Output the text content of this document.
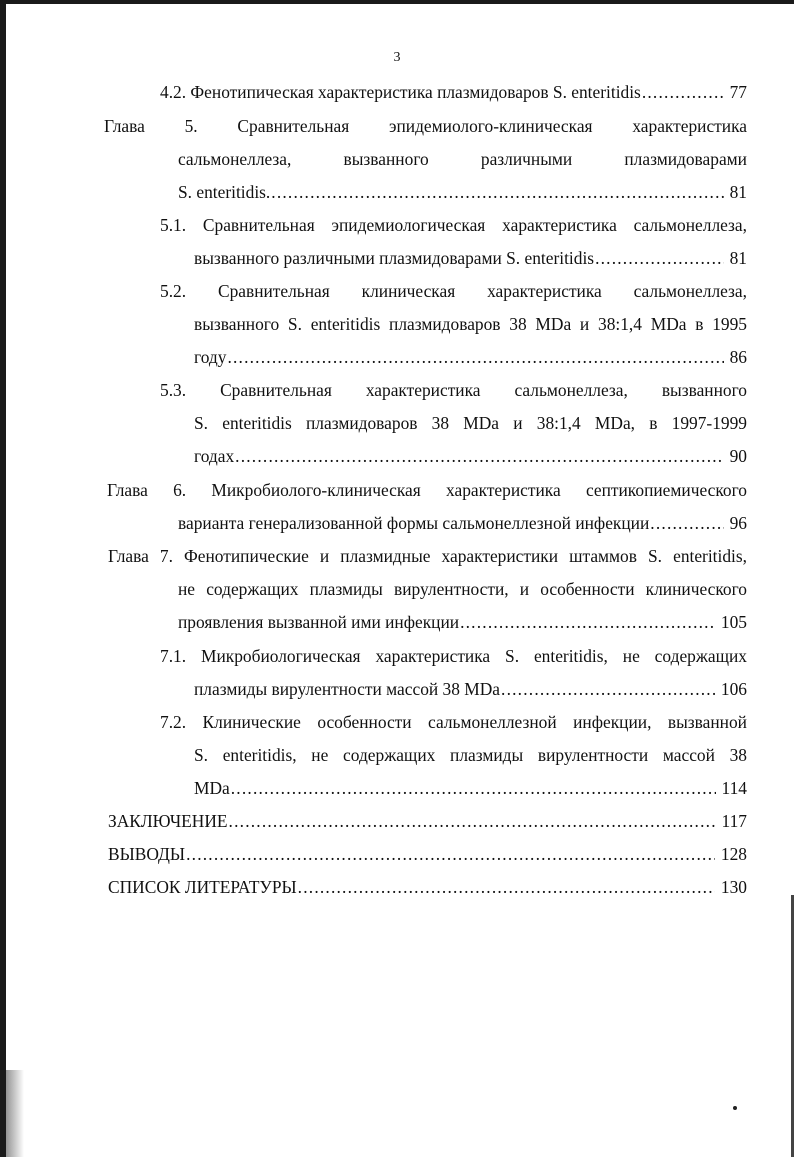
3
4.2. Фенотипическая характеристика плазмидоваров S. enteritidis .....	77
Глава 5. Сравнительная эпидемиолого-клиническая характеристика
сальмонеллеза, вызванного различными плазмидоварами
S. enteritidis. .....	81
5.1. Сравнительная эпидемиологическая характеристика сальмонеллеза,
вызванного различными плазмидоварами S. enteritidis .....	81
5.2. Сравнительная клиническая характеристика сальмонеллеза,
вызванного S. enteritidis плазмидоваров 38 MDa и 38:1,4 MDa в 1995
году .....	86
5.3. Сравнительная характеристика сальмонеллеза, вызванного
S. enteritidis плазмидоваров 38 MDa и 38:1,4 MDa, в 1997-1999
годах .....	90
Глава 6. Микробиолого-клиническая характеристика септикопиемического
варианта генерализованной формы сальмонеллезной инфекции .....	96
Глава 7. Фенотипические и плазмидные характеристики штаммов S. enteritidis,
не содержащих плазмиды вирулентности, и особенности клинического
проявления вызванной ими инфекции .....	105
7.1. Микробиологическая характеристика S. enteritidis, не содержащих
плазмиды вирулентности массой 38 MDa .....	106
7.2. Клинические особенности сальмонеллезной инфекции, вызванной
S. enteritidis, не содержащих плазмиды вирулентности массой 38
MDa .....	114
ЗАКЛЮЧЕНИЕ .....	117
ВЫВОДЫ .....	128
СПИСОК ЛИТЕРАТУРЫ .....	130
